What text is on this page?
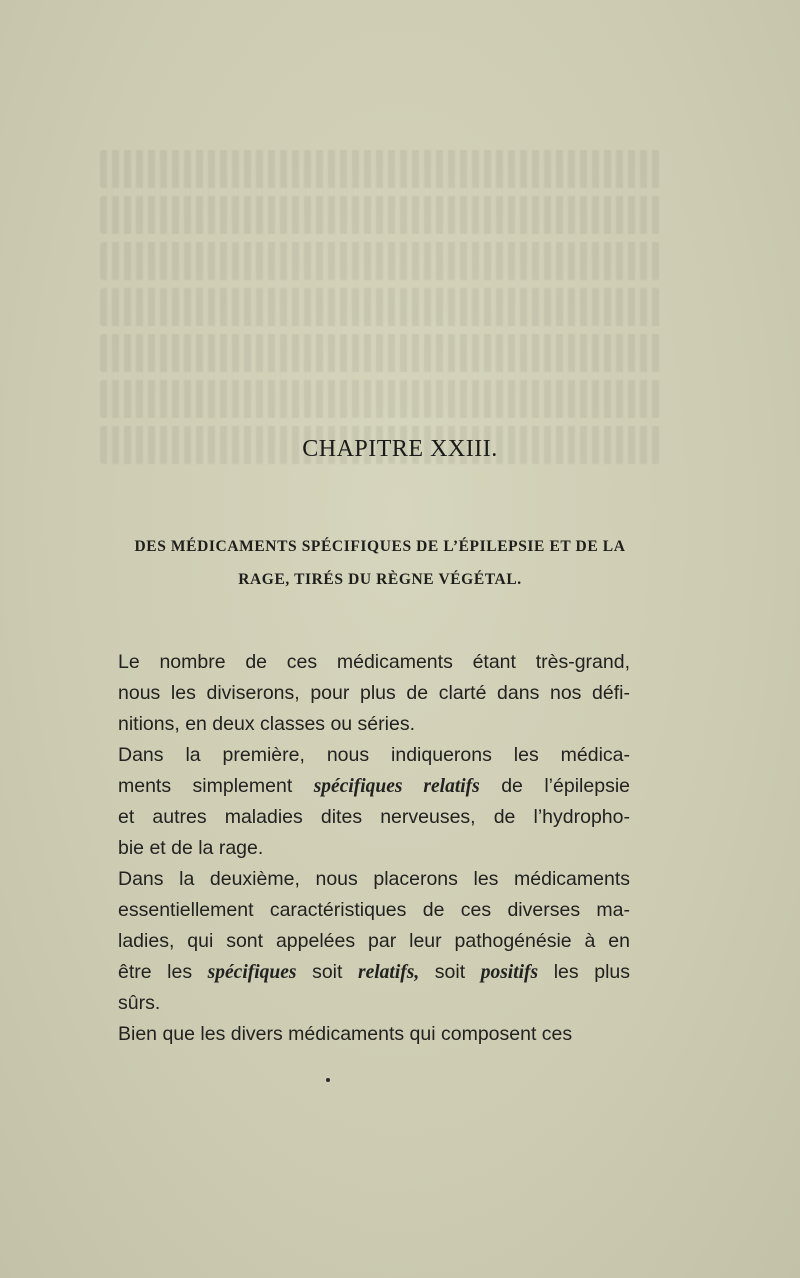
CHAPITRE XXIII.
DES MÉDICAMENTS SPÉCIFIQUES DE L’ÉPILEPSIE ET DE LA
RAGE, TIRÉS DU RÈGNE VÉGÉTAL.
Le nombre de ces médicaments étant très-grand,
nous les diviserons, pour plus de clarté dans nos défi-
nitions, en deux classes ou séries.
Dans la première, nous indiquerons les médica-
ments simplement spécifiques relatifs de l’épilepsie
et autres maladies dites nerveuses, de l’hydropho-
bie et de la rage.
Dans la deuxième, nous placerons les médicaments
essentiellement caractéristiques de ces diverses ma-
ladies, qui sont appelées par leur pathogénésie à en
être les spécifiques soit relatifs, soit positifs les plus
sûrs.
Bien que les divers médicaments qui composent ces
